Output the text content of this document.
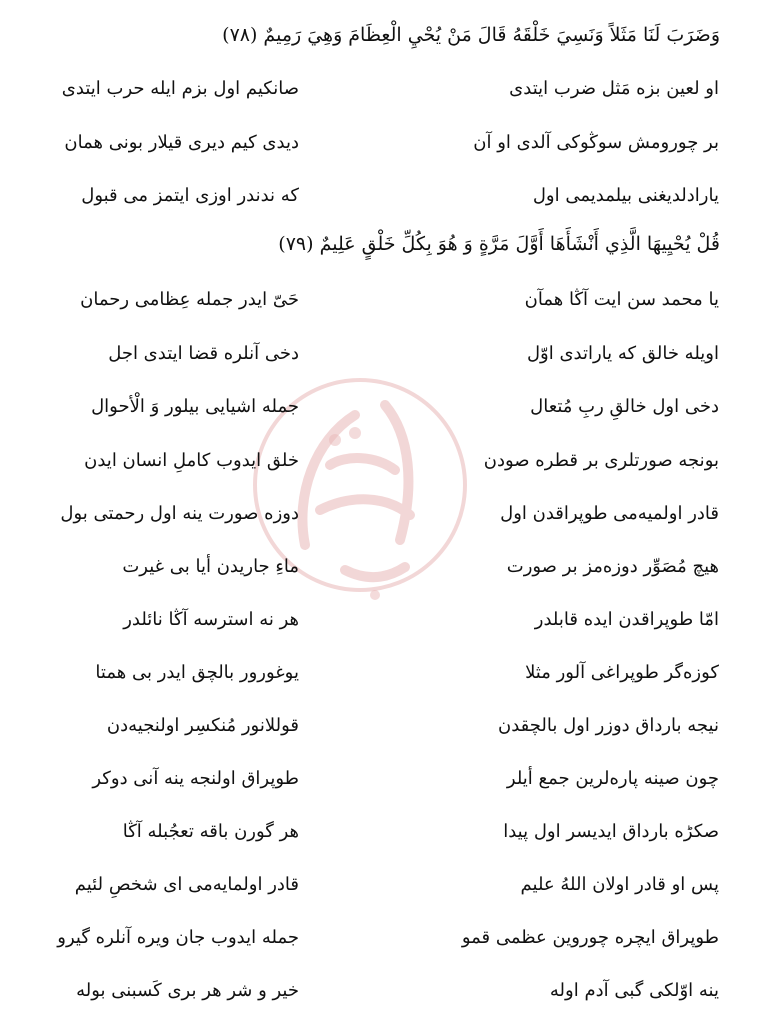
وَضَرَبَ لَنَا مَثَلاً وَنَسِيَ خَلْقَهُ قَالَ مَنْ يُحْيِ الْعِظَامَ وَهِيَ رَمِيمٌ (۷۸)
او لعين بزه مَثل ضرب ايتدی
صانكيم اول بزم ايله حرب ايتدی
بر چورومش سوڭوكی آلدی او آن
ديدی كيم ديری قيلار بونی همان
يارادلديغنی بيلمديمی اول
كه ندندر اوزی ايتمز می قبول
قُلْ يُحْيِيهَا الَّذِي أَنْشَأَهَا أَوَّلَ مَرَّةٍ وَ هُوَ بِكُلِّ خَلْقٍ عَلِيمٌ (۷۹)
يا محمد سن ايت آڭا همآن
حَیّ ايدر جمله عِظامی رحمان
اويله خالق كه ياراتدی اوّل
دخی آنلره قضا ايتدی اجل
دخی اول خالقِ ربِ مُتعال
جمله اشيايی بيلور وَ الْأحوال
بونجه صورتلری بر قطره صودن
خلق ايدوب كاملِ انسان ايدن
قادر اولميه‌می طوپراقدن اول
دوزه صورت ينه اول رحمتی بول
هيچ مُصَوِّر دوزه‌مز بر صورت
ماءِ جاريدن أيا بی غيرت
امّا طوپراقدن ايده قابلدر
هر نه استرسه آڭا نائلدر
كوزه‌گر طوپراغی آلور مثلا
يوغورور بالچق ايدر بی همتا
نيجه بارداق دوزر اول بالچقدن
قوللانور مُنكسِر اولنجيه‌دن
چون صينه پاره‌لرين جمع أيلر
طوپراق اولنجه ينه آنی دوكر
صكڑه بارداق ايديسر اول پيدا
هر گورن باقه تعجُبله آڭا
پس او قادر اولان اللهُ عليم
قادر اولمايه‌می ای شخصِ لئيم
طوپراق ايچره چوروين عظمی قمو
جمله ايدوب جان ويره آنلره گيرو
ينه اوّلكی گبی آدم اوله
خير و شر هر بری كَسبنی بوله
